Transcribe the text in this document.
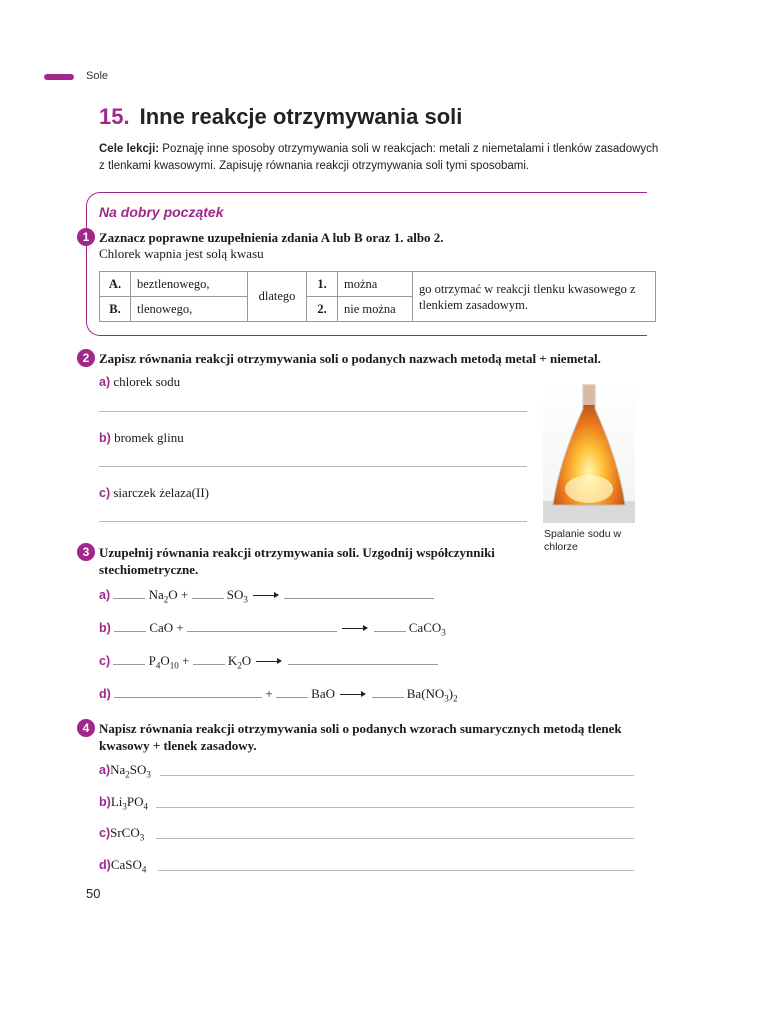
Sole
15. Inne reakcje otrzymywania soli
Cele lekcji: Poznaję inne sposoby otrzymywania soli w reakcjach: metali z niemetalami i tlenków zasadowych z tlenkami kwasowymi. Zapisuję równania reakcji otrzymywania soli tymi sposobami.
Na dobry początek
1 Zaznacz poprawne uzupełnienia zdania A lub B oraz 1. albo 2.
Chlorek wapnia jest solą kwasu
A.	beztlenowego,	dlatego	1.	można	go otrzymać w reakcji tlenku kwasowego z tlenkiem zasadowym.
B.	tlenowego,		2.	nie można	
2 Zapisz równania reakcji otrzymywania soli o podanych nazwach metodą metal + niemetal.
a) chlorek sodu
b) bromek glinu
c) siarczek żelaza(II)
Spalanie sodu w chlorze
3 Uzupełnij równania reakcji otrzymywania soli. Uzgodnij współczynniki stechiometryczne.
a)	$Na_2O$ +	$SO_3$
b)	CaO +	CaCO$_3$
c)	$P_4O_{10}$ +	$K_2O$
d)	+	BaO	$Ba(NO_3)_2$
4 Napisz równania reakcji otrzymywania soli o podanych wzorach sumarycznych metodą tlenek kwasowy + tlenek zasadowy.
$a)Na_2SO_3$
$b)Li_3PO_4$
c)SrCO$_3$
d)CaSO$_4$
50
